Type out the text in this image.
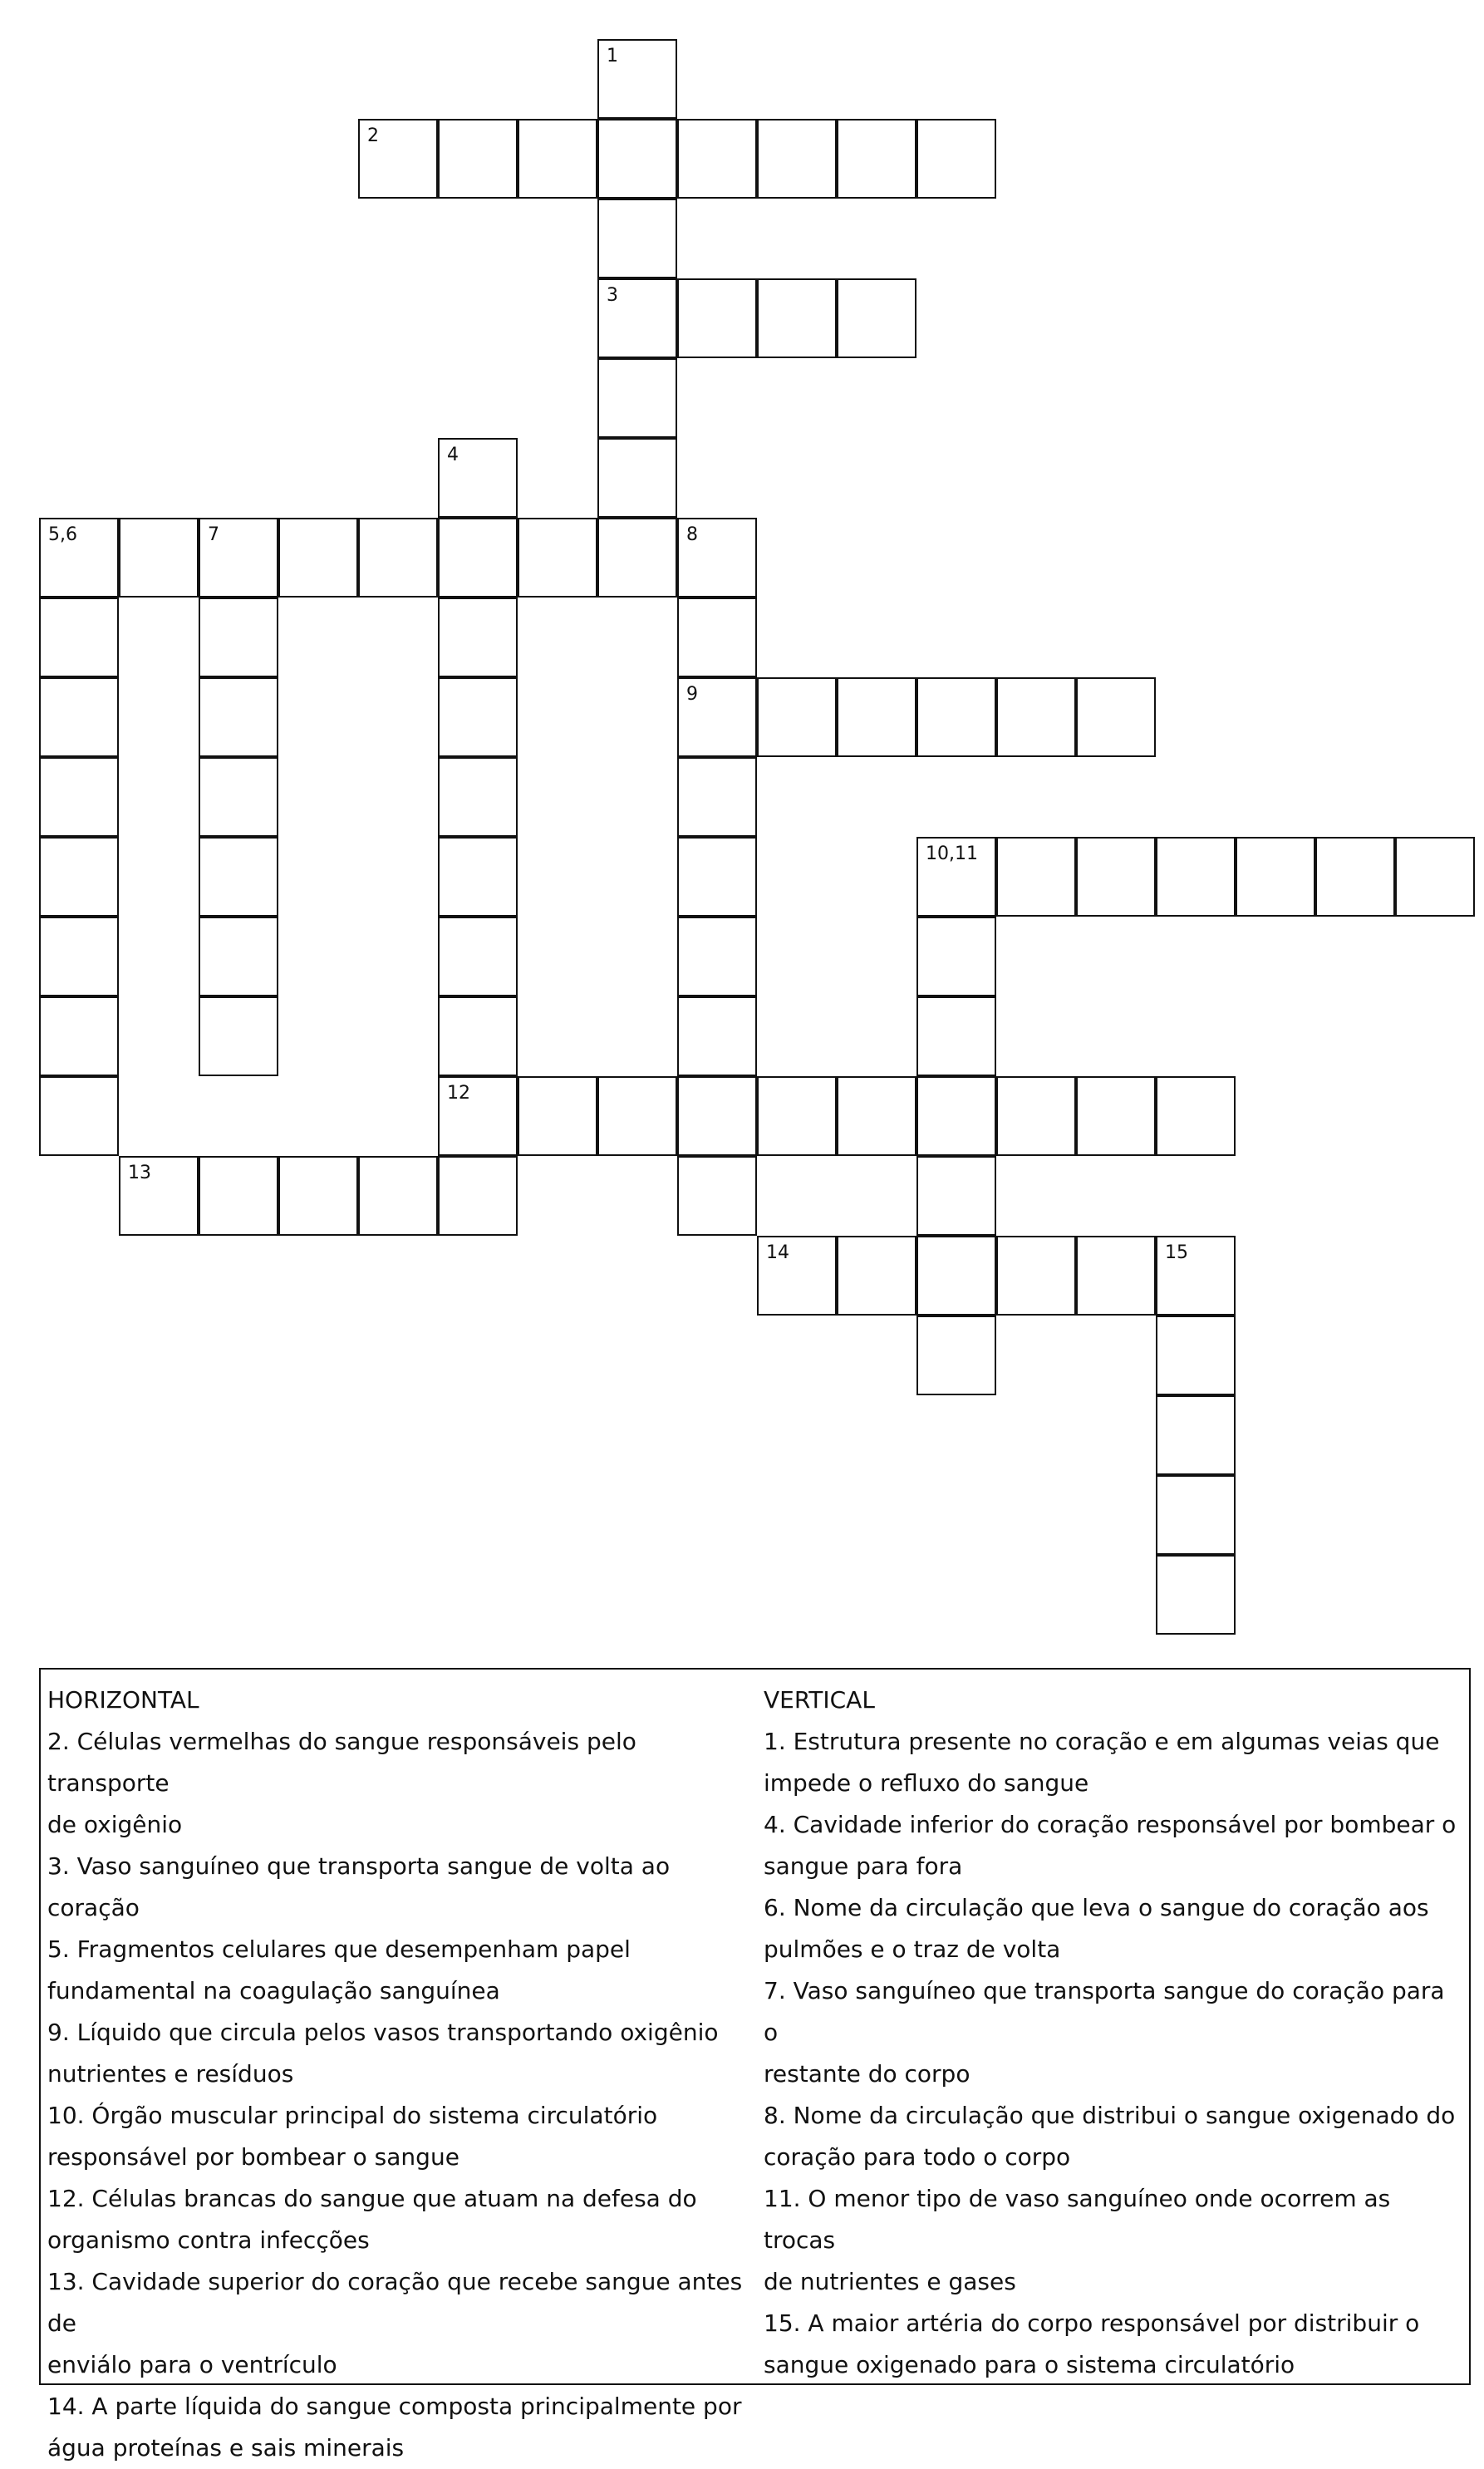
1
2
3
4
5,6	7	8
9
10,11
12
13
14	15
HORIZONTAL
2. Células vermelhas do sangue responsáveis pelo transporte
de oxigênio
3. Vaso sanguíneo que transporta sangue de volta ao coração
5. Fragmentos celulares que desempenham papel
fundamental na coagulação sanguínea
9. Líquido que circula pelos vasos transportando oxigênio
nutrientes e resíduos
10. Órgão muscular principal do sistema circulatório
responsável por bombear o sangue
12. Células brancas do sangue que atuam na defesa do
organismo contra infecções
13. Cavidade superior do coração que recebe sangue antes de
enviálo para o ventrículo
14. A parte líquida do sangue composta principalmente por
água proteínas e sais minerais
VERTICAL
1. Estrutura presente no coração e em algumas veias que
impede o refluxo do sangue
4. Cavidade inferior do coração responsável por bombear o
sangue para fora
6. Nome da circulação que leva o sangue do coração aos
pulmões e o traz de volta
7. Vaso sanguíneo que transporta sangue do coração para o
restante do corpo
8. Nome da circulação que distribui o sangue oxigenado do
coração para todo o corpo
11. O menor tipo de vaso sanguíneo onde ocorrem as trocas
de nutrientes e gases
15. A maior artéria do corpo responsável por distribuir o
sangue oxigenado para o sistema circulatório
